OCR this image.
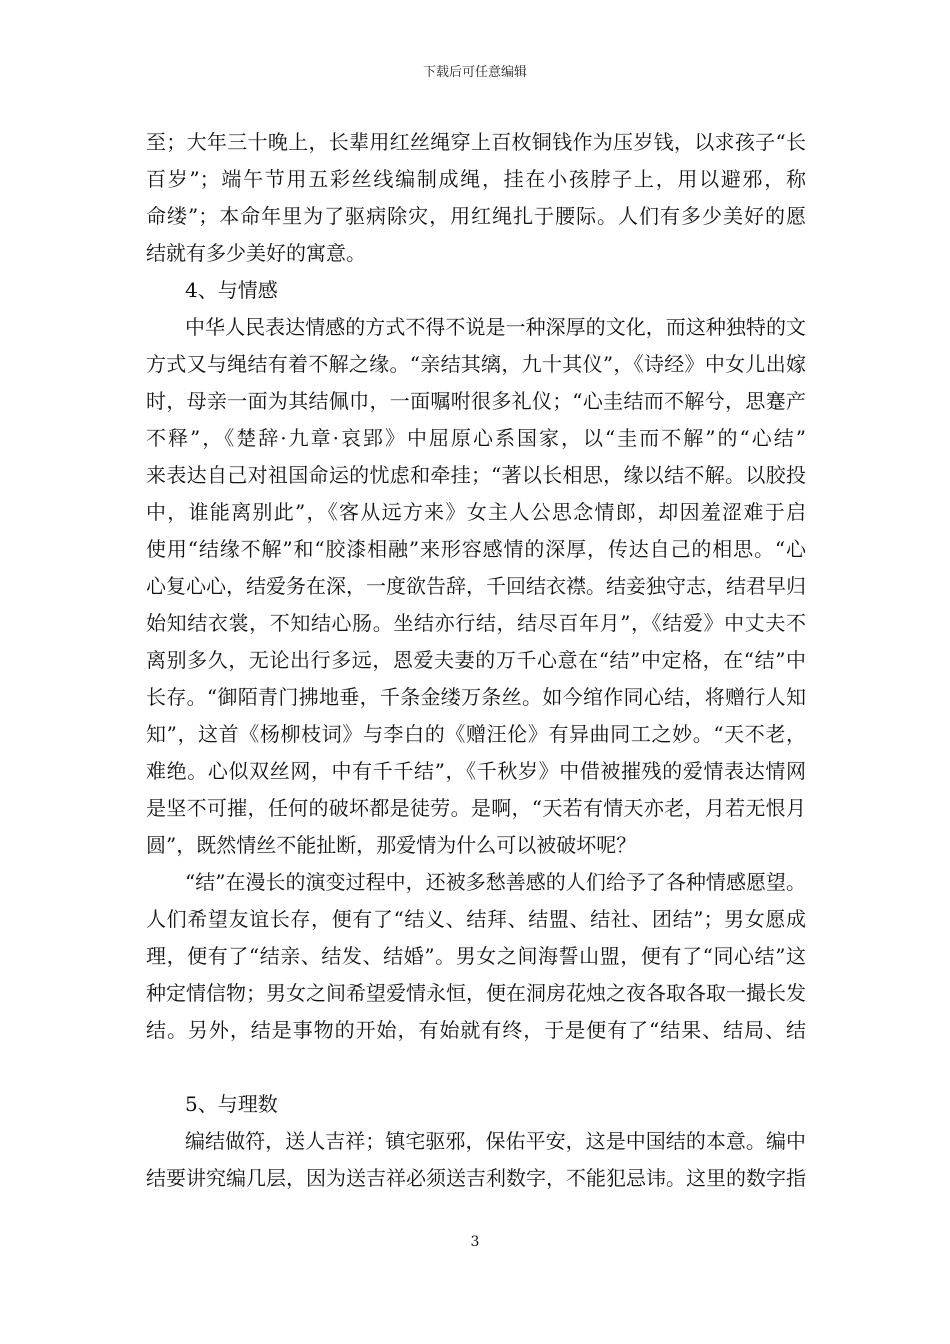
下载后可任意编辑
至；大年三十晚上，长辈用红丝绳穿上百枚铜钱作为压岁钱，以求孩子“长
百岁”；端午节用五彩丝线编制成绳，挂在小孩脖子上，用以避邪，称
命缕”；本命年里为了驱病除灾，用红绳扎于腰际。人们有多少美好的愿
结就有多少美好的寓意。
4、与情感
中华人民表达情感的方式不得不说是一种深厚的文化，而这种独特的文
方式又与绳结有着不解之缘。“亲结其缡，九十其仪”，《诗经》中女儿出嫁
时，母亲一面为其结佩巾，一面嘱咐很多礼仪；“心圭结而不解兮，思蹇产
不释”，《楚辞·九章·哀郢》中屈原心系国家，以“圭而不解”的“心结”
来表达自己对祖国命运的忧虑和牵挂；“著以长相思，缘以结不解。以胶投
中，谁能离别此”，《客从远方来》女主人公思念情郎，却因羞涩难于启
使用“结缘不解”和“胶漆相融”来形容感情的深厚，传达自己的相思。“心
心复心心，结爱务在深，一度欲告辞，千回结衣襟。结妾独守志，结君早归
始知结衣裳，不知结心肠。坐结亦行结，结尽百年月”，《结爱》中丈夫不
离别多久，无论出行多远，恩爱夫妻的万千心意在“结”中定格，在“结”中
长存。“御陌青门拂地垂，千条金缕万条丝。如今绾作同心结，将赠行人知
知”，这首《杨柳枝词》与李白的《赠汪伦》有异曲同工之妙。“天不老，
难绝。心似双丝网，中有千千结”，《千秋岁》中借被摧残的爱情表达情网
是坚不可摧，任何的破坏都是徒劳。是啊，“天若有情天亦老，月若无恨月
圆”，既然情丝不能扯断，那爱情为什么可以被破坏呢？
“结”在漫长的演变过程中，还被多愁善感的人们给予了各种情感愿望。
人们希望友谊长存，便有了“结义、结拜、结盟、结社、团结”；男女愿成
理，便有了“结亲、结发、结婚”。男女之间海誓山盟，便有了“同心结”这
种定情信物；男女之间希望爱情永恒，便在洞房花烛之夜各取各取一撮长发
结。另外，结是事物的开始，有始就有终，于是便有了“结果、结局、结
5、与理数
编结做符，送人吉祥；镇宅驱邪，保佑平安，这是中国结的本意。编中
结要讲究编几层，因为送吉祥必须送吉利数字，不能犯忌讳。这里的数字指
3
